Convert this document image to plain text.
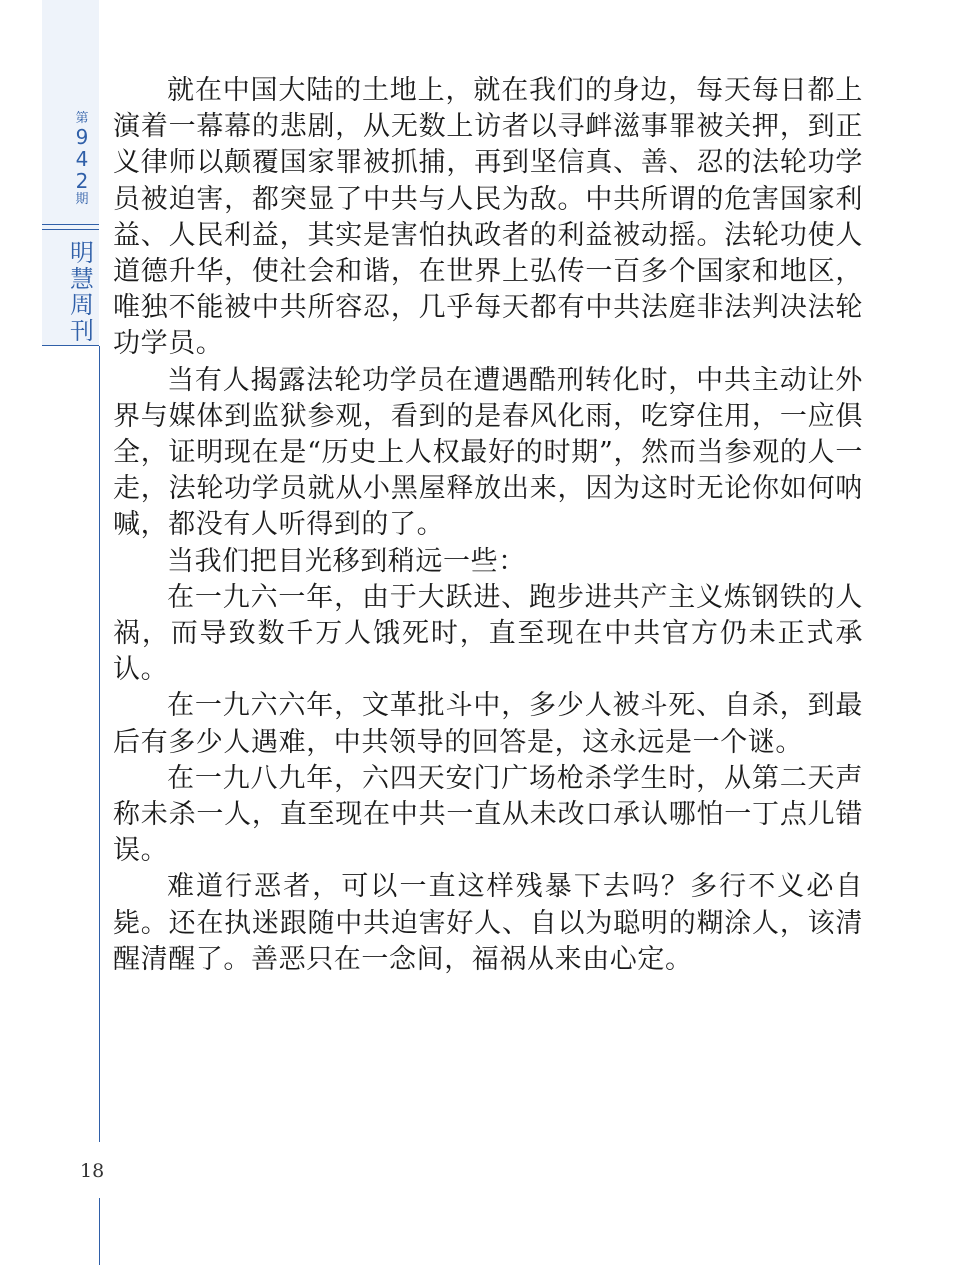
第
9
4
2
期
明
慧
周
刊
18

就在中国大陆的土地上，就在我们的身边，每天每日都上演着一幕幕的悲剧，从无数上访者以寻衅滋事罪被关押，到正义律师以颠覆国家罪被抓捕，再到坚信真、善、忍的法轮功学员被迫害，都突显了中共与人民为敌。中共所谓的危害国家利益、人民利益，其实是害怕执政者的利益被动摇。法轮功使人道德升华，使社会和谐，在世界上弘传一百多个国家和地区，唯独不能被中共所容忍，几乎每天都有中共法庭非法判决法轮功学员。

当有人揭露法轮功学员在遭遇酷刑转化时，中共主动让外界与媒体到监狱参观，看到的是春风化雨，吃穿住用，一应俱全，证明现在是“历史上人权最好的时期”，然而当参观的人一走，法轮功学员就从小黑屋释放出来，因为这时无论你如何呐喊，都没有人听得到的了。

当我们把目光移到稍远一些：

在一九六一年，由于大跃进、跑步进共产主义炼钢铁的人祸，而导致数千万人饿死时，直至现在中共官方仍未正式承认。

在一九六六年，文革批斗中，多少人被斗死、自杀，到最后有多少人遇难，中共领导的回答是，这永远是一个谜。

在一九八九年，六四天安门广场枪杀学生时，从第二天声称未杀一人，直至现在中共一直从未改口承认哪怕一丁点儿错误。

难道行恶者，可以一直这样残暴下去吗？多行不义必自毙。还在执迷跟随中共迫害好人、自以为聪明的糊涂人，该清醒清醒了。善恶只在一念间，福祸从来由心定。
